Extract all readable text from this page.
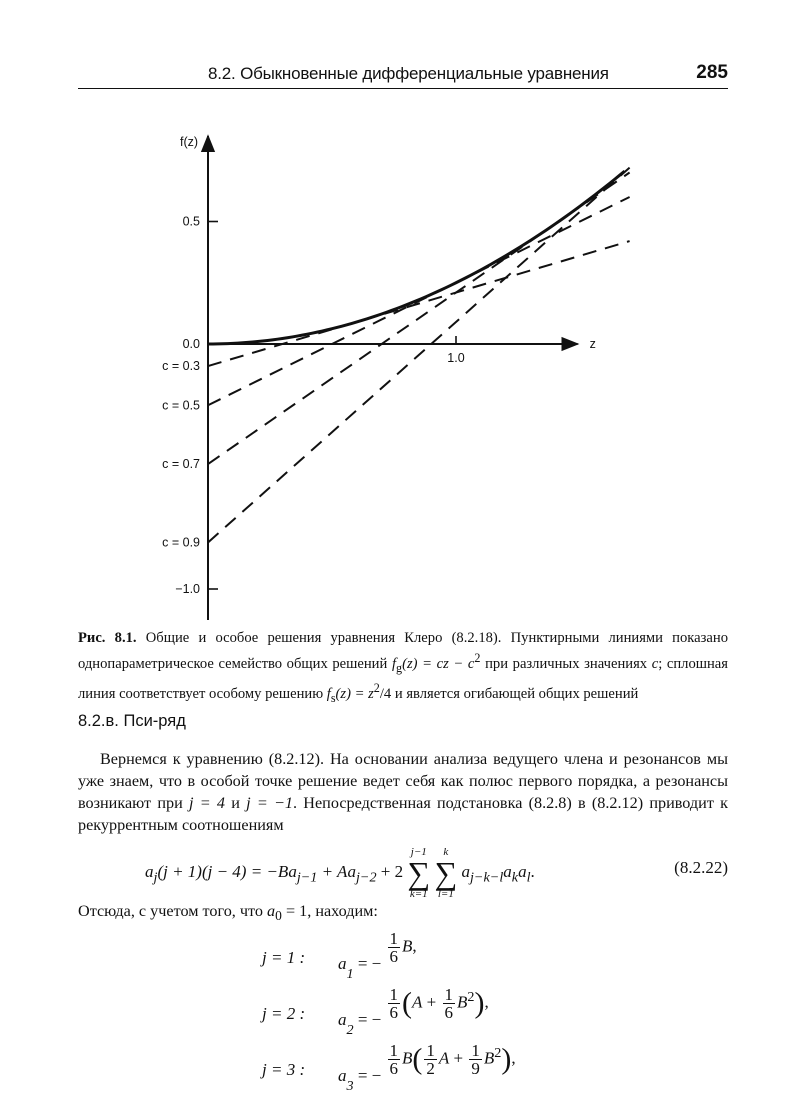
8.2. Обыкновенные дифференциальные уравнения	285
f(z)
z
0.5
0.0
−1.0
1.0
c = 0.3
c = 0.5
c = 0.7
c = 0.9
Рис. 8.1. Общие и особое решения уравнения Клеро (8.2.18). Пунктирными линиями показано однопараметрическое семейство общих решений $f_g(z)$ = cz − $c^2$ при различных значениях c; сплошная линия соответствует особому решению $f_s(z) = z^2/4$ и является огибающей общих решений
8.2.в. Пси-ряд
Вернемся к уравнению (8.2.12). На основании анализа ведущего члена и резонансов мы уже знаем, что в особой точке решение ведет себя как полюс первого порядка, а резонансы возникают при j = 4 и j = −1. Непосредственная подстановка (8.2.8) в (8.2.12) приводит к рекуррентным соотношениям
$a_j(j + 1)(j - 4) = -Ba_{j-1} + Aa_{j-2} + 2$ j−1
∑
k=1 k
∑
l=1 $a_{j-k-l}a_ka_l$.	(8.2.22)
Отсюда, с учетом того, что $a_0 = 1$, находим:
j = 1 : $a_1$ = − $\frac{1}{6} B$,
j = 2 : $a_2$ = − $\frac{1}{6} (A + \frac{1}{6} B^2)$,
j = 3 : $a_3$ = − $\frac{1}{6} B( \frac{1}{2}$ $A + \frac{1}{9} B^2$),
